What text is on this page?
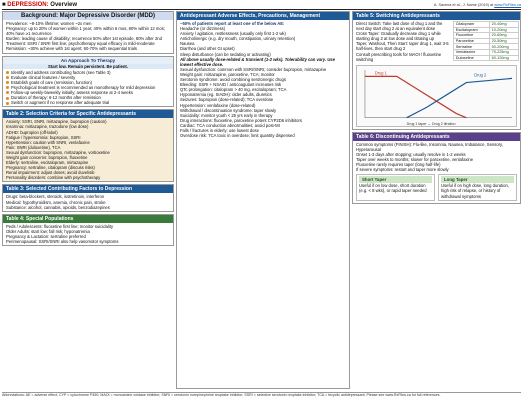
■ DEPRESSION: Overview	A. Saxena et al., J. Name (2019) at www.RxFiles.ca
Background: Major Depressive Disorder (MDD)
Prevalence: ~8-10% lifetime; women ~2x men
Pregnancy: up to 20% of women within 1 year; 40% within 6 mos, 80% within 12 mos; 40% have ≥1 recurrence
Burden: leading cause of disability; recurrence 50% after 1st episode, 80% after 2nd
Treatment: SSRI / SNRI first line; psychotherapy equal efficacy in mild-moderate
Remission: ~30% achieve with 1st agent; 60-70% with sequential trials
An Approach To Therapy
Start low. Remain persistent. Be patient.
Identify and address contributing factors (see Table 3)
Evaluate clinical features / severity
Establish goals of care (remission, function)
Psychological treatment is recommended as monotherapy for mild depression
Follow-up weekly-biweekly initially; assess response at 2-4 weeks
Duration of therapy: 6-12 months after remission
Switch or augment if no response after adequate trial
Table 2: Selection Criteria for Specific Antidepressants
Anxiety: SSRI, SNRI, mirtazapine, bupropion (caution)
Insomnia: mirtazapine, trazodone (low dose)
ADHD: bupropion (off-label)
Fatigue / hypersomnia: bupropion, SSRI
Hypertension: caution with SNRI, venlafaxine
Pain: SNRI (duloxetine), TCA
Sexual dysfunction: bupropion, mirtazapine, vortioxetine
Weight gain concerns: bupropion, fluoxetine
Elderly: sertraline, escitalopram, mirtazapine
Pregnancy: sertraline, citalopram (discuss risks)
Renal impairment: adjust doses; avoid duvelisib
Personality disorders: combine with psychotherapy
Table 3: Selected Contributing Factors to Depression
Drugs: beta-blockers, steroids, isotretinoin, interferon
Medical: hypothyroidism, anemia, chronic pain, stroke
Substance: alcohol, cannabis, opioids, benzodiazepines
Table 4: Special Populations
Peds / Adolescents: fluoxetine first line; monitor suicidality
Older Adults: start low; fall risk; hyponatremia
Pregnancy & Lactation: sertraline preferred
Perimenopausal: SSRI/SNRI also help vasomotor symptoms
Antidepressant Adverse Effects, Precautions, Management
~50% of patients report at least one of the below AE:
Headache (or dizziness)
Anxiety / agitation, restlessness (usually only first 1-2 wk)
Anticholinergic (e.g. dry mouth, constipation, urinary retention)
Nausea
Diarrhea (and other GI upset)
Sleep disturbance (can be sedating or activating)
All above usually dose-related & transient (1-2 wks). Tolerability can vary. Use lowest effective dose.
Sexual dysfunction: common with SSRI/SNRI; consider bupropion, mirtazapine
Weight gain: mirtazapine, paroxetine, TCA; monitor
Serotonin syndrome: avoid combining serotonergic drugs
Bleeding: SSRI + NSAID / anticoagulant increases risk
QTc prolongation: citalopram > 40 mg, escitalopram; TCA
Hyponatremia (eg. SIADH): older adults, diuretics
Seizures: bupropion (dose-related); TCA overdose
Hypertension: venlafaxine (dose-related)
Withdrawal / discontinuation syndrome: taper slowly
Suicidality: monitor youth < 25 yrs early in therapy
Drug interactions: fluoxetine, paroxetine potent CYP2D6 inhibitors
Cardiac: TCA conduction abnormalities; avoid post-MI
Falls / fractures in elderly: use lowest dose
Overdose risk: TCA toxic in overdose; limit quantity dispensed
Table 5: Switching Antidepressants
Direct Switch: Take last dose of drug 1 and the next day start drug 2 at an equivalent dose
Cross Taper: Gradually decrease drug 1 while starting drug 2 at low dose and titrating up
Taper, Washout, Then Start: taper drug 1, wait 3-5 half-lives, then start drug 2
Consult prescribing tools for MAOI / fluoxetine switching
Citalopram	20-40mg
Escitalopram	10-20mg
Fluoxetine	20-60mg
Paroxetine	20-50mg
Sertraline	50-200mg
Venlafaxine	75-225mg
Duloxetine	60-120mg
Drug 1	Drug 2
Drug 1 taper → Drug 2 titration
Table 6: Discontinuing Antidepressants
Common symptoms (FINISH): Flu-like, Insomnia, Nausea, Imbalance, Sensory, Hyperarousal
Onset 1-3 days after stopping; usually resolve in 1-2 weeks
Taper over weeks to months; slower for paroxetine, venlafaxine
Fluoxetine rarely requires taper (long half-life)
If severe symptoms: restart and taper more slowly
Short Taper
Useful if on low dose, short duration (e.g. < 8 wks), or rapid taper needed
Long Taper
Useful if on high dose, long duration, high risk of relapse, or history of withdrawal symptoms
Abbreviations: AE = adverse effect; CYP = cytochrome P450; MAOI = monoamine oxidase inhibitor; SNRI = serotonin norepinephrine reuptake inhibitor; SSRI = selective serotonin reuptake inhibitor; TCA = tricyclic antidepressant. Please see www.RxFiles.ca for full references.
